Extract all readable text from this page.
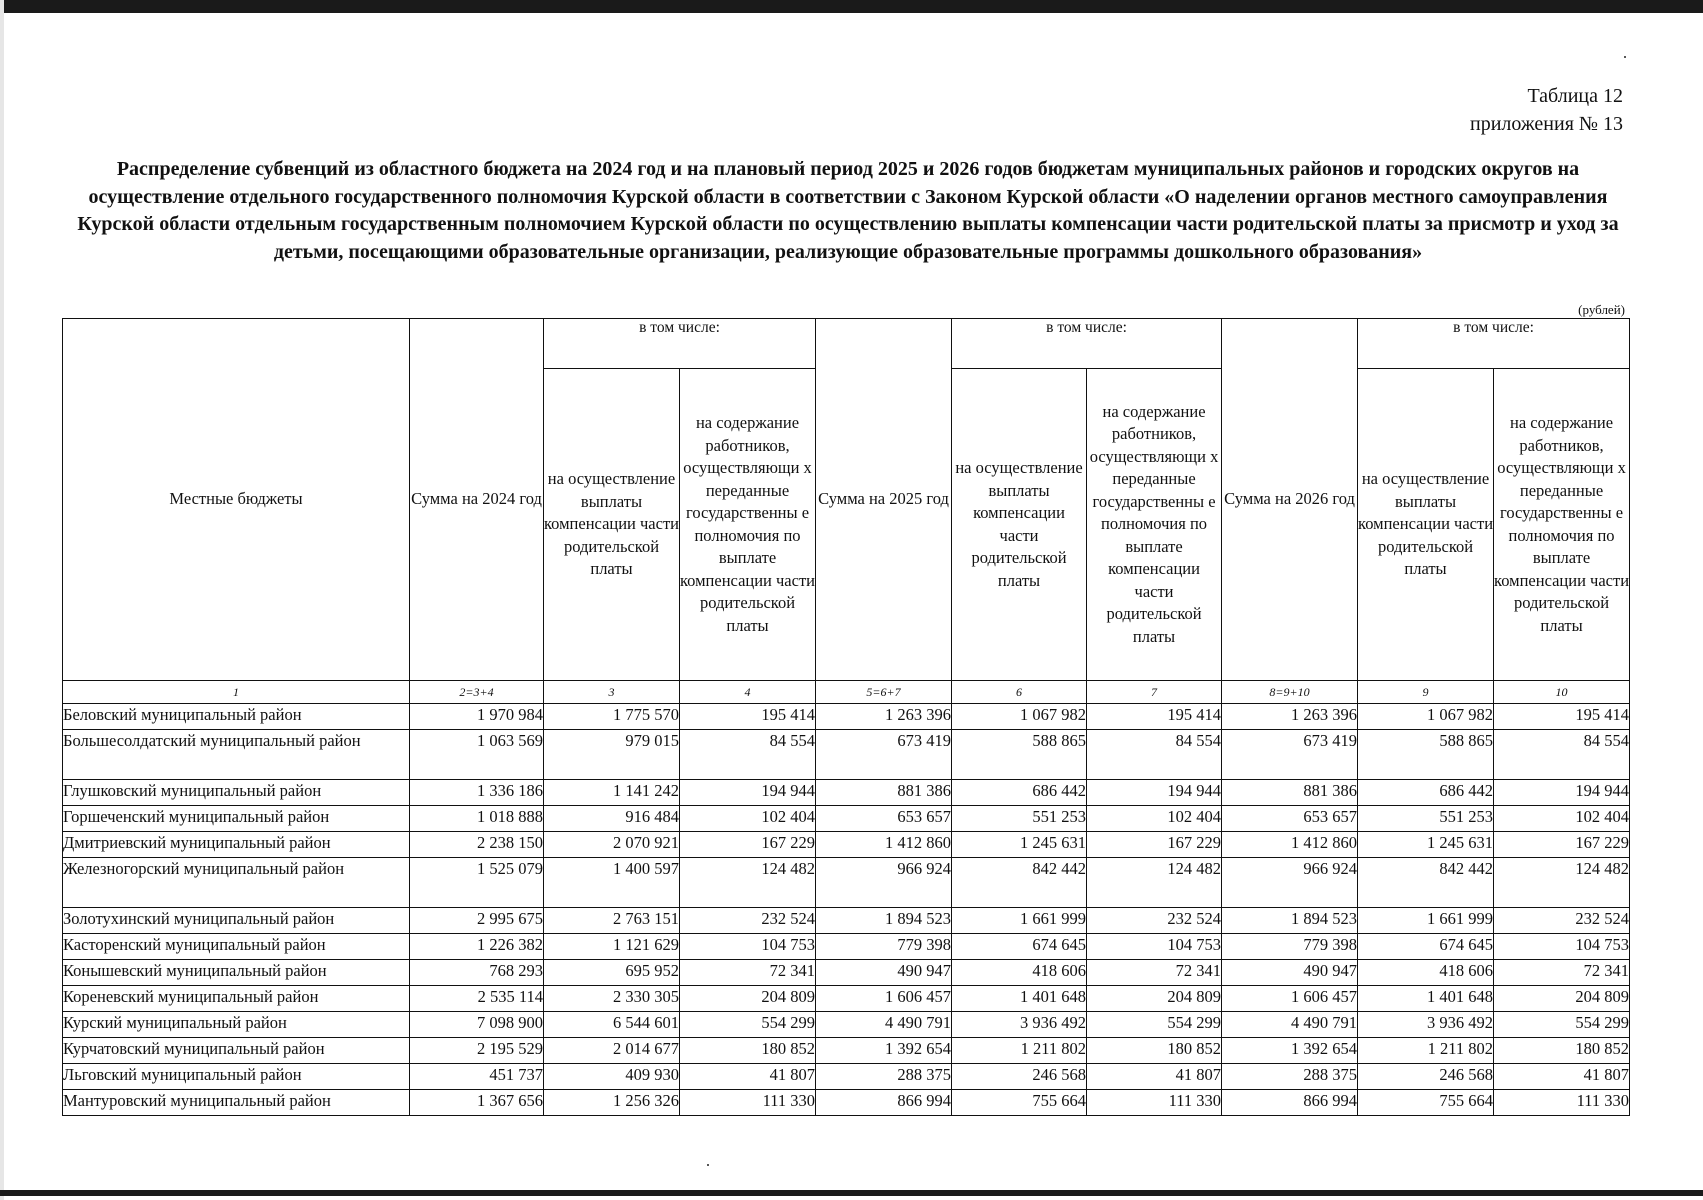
Таблица 12
приложения № 13
Распределение субвенций из областного бюджета на 2024 год и на плановый период 2025 и 2026 годов бюджетам муниципальных районов и городских округов на осуществление отдельного государственного полномочия Курской области в соответствии с Законом Курской области «О наделении органов местного самоуправления Курской области отдельным государственным полномочием Курской области по осуществлению выплаты компенсации части родительской платы за присмотр и уход за детьми, посещающими образовательные организации, реализующие образовательные программы дошкольного образования»
(рублей)
Местные бюджеты	Сумма на 2024 год	в том числе:		Сумма на 2025 год	в том числе:		Сумма на 2026 год	в том числе:	
		на осуществление выплаты компенсации части родительской платы	на содержание работников, осуществляющи х переданные государственны е полномочия по выплате компенсации части родительской платы		на осуществление выплаты компенсации части родительской платы	на содержание работников, осуществляющи х переданные государственны е полномочия по выплате компенсации части родительской платы		на осуществление выплаты компенсации части родительской платы	на содержание работников, осуществляющи х переданные государственны е полномочия по выплате компенсации части родительской платы
1	2=3+4	3	4	5=6+7	6	7	8=9+10	9	10
Беловский муниципальный район	1 970 984	1 775 570	195 414	1 263 396	1 067 982	195 414	1 263 396	1 067 982	195 414
Большесолдатский муниципальный район	1 063 569	979 015	84 554	673 419	588 865	84 554	673 419	588 865	84 554
Глушковский муниципальный район	1 336 186	1 141 242	194 944	881 386	686 442	194 944	881 386	686 442	194 944
Горшеченский муниципальный район	1 018 888	916 484	102 404	653 657	551 253	102 404	653 657	551 253	102 404
Дмитриевский муниципальный район	2 238 150	2 070 921	167 229	1 412 860	1 245 631	167 229	1 412 860	1 245 631	167 229
Железногорский муниципальный район	1 525 079	1 400 597	124 482	966 924	842 442	124 482	966 924	842 442	124 482
Золотухинский муниципальный район	2 995 675	2 763 151	232 524	1 894 523	1 661 999	232 524	1 894 523	1 661 999	232 524
Касторенский муниципальный район	1 226 382	1 121 629	104 753	779 398	674 645	104 753	779 398	674 645	104 753
Конышевский муниципальный район	768 293	695 952	72 341	490 947	418 606	72 341	490 947	418 606	72 341
Кореневский муниципальный район	2 535 114	2 330 305	204 809	1 606 457	1 401 648	204 809	1 606 457	1 401 648	204 809
Курский муниципальный район	7 098 900	6 544 601	554 299	4 490 791	3 936 492	554 299	4 490 791	3 936 492	554 299
Курчатовский муниципальный район	2 195 529	2 014 677	180 852	1 392 654	1 211 802	180 852	1 392 654	1 211 802	180 852
Льговский муниципальный район	451 737	409 930	41 807	288 375	246 568	41 807	288 375	246 568	41 807
Мантуровский муниципальный район	1 367 656	1 256 326	111 330	866 994	755 664	111 330	866 994	755 664	111 330
